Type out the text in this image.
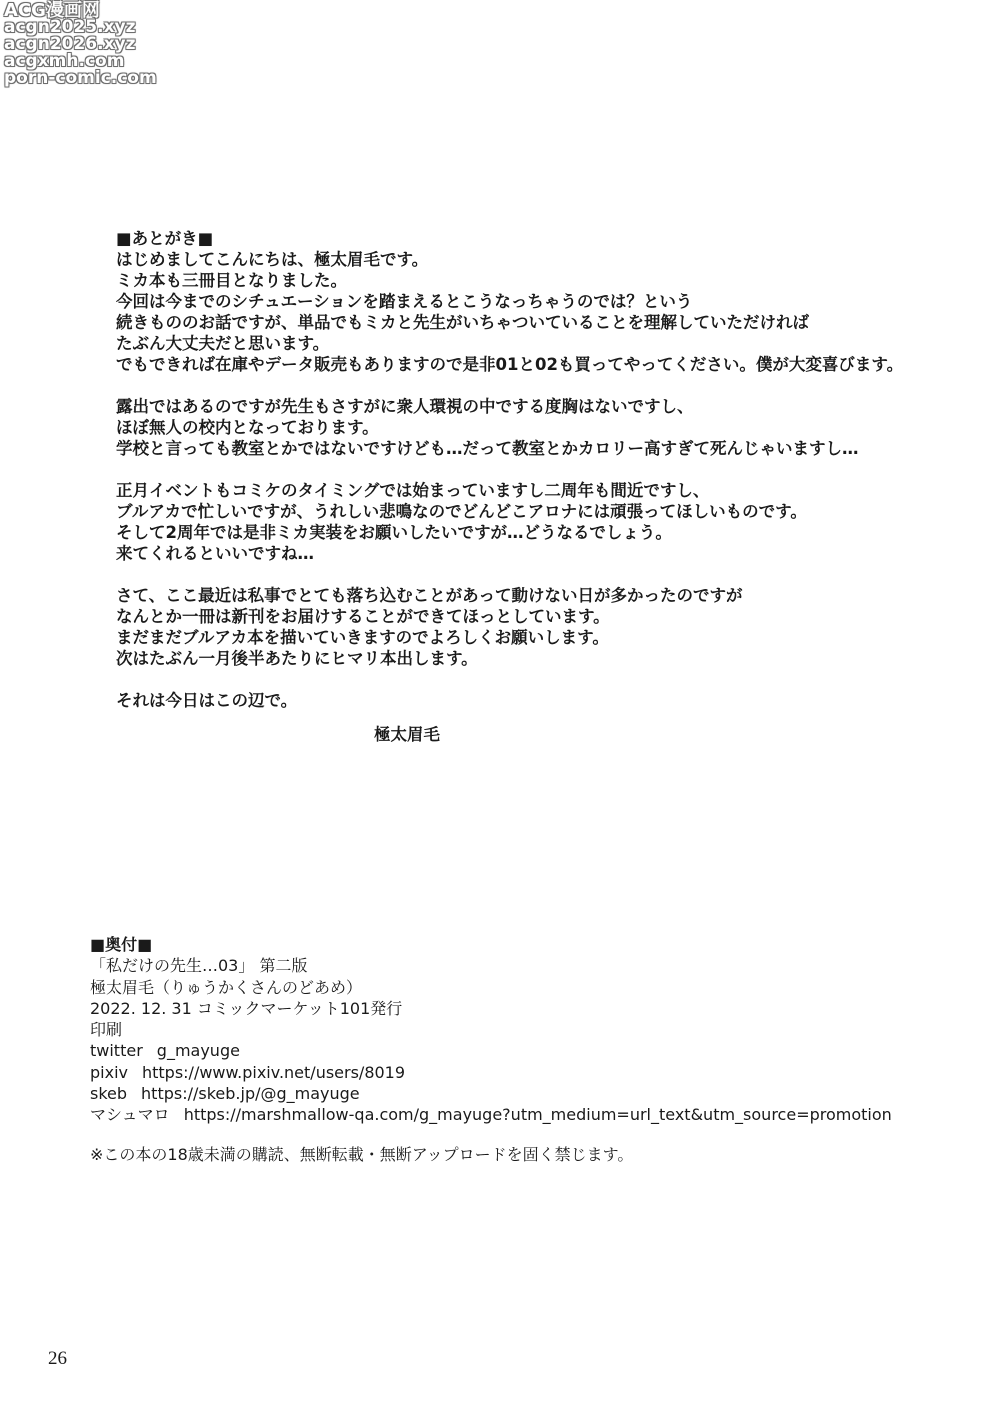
ACG漫画网
acgn2025.xyz
acgn2026.xyz
acgxmh.com
porn-comic.com

■あとがき■

はじめましてこんにちは、極太眉毛です。

ミカ本も三冊目となりました。

今回は今までのシチュエーションを踏まえるとこうなっちゃうのでは？という

続きもののお話ですが、単品でもミカと先生がいちゃついていることを理解していただければ

たぶん大丈夫だと思います。

でもできれば在庫やデータ販売もありますので是非01と02も買ってやってください。僕が大変喜びます。

露出ではあるのですが先生もさすがに衆人環視の中でする度胸はないですし、

ほぼ無人の校内となっております。

学校と言っても教室とかではないですけども…だって教室とかカロリー高すぎて死んじゃいますし…

正月イベントもコミケのタイミングでは始まっていますし二周年も間近ですし、

ブルアカで忙しいですが、うれしい悲鳴なのでどんどこアロナには頑張ってほしいものです。

そして2周年では是非ミカ実装をお願いしたいですが…どうなるでしょう。

来てくれるといいですね…

さて、ここ最近は私事でとても落ち込むことがあって動けない日が多かったのですが

なんとか一冊は新刊をお届けすることができてほっとしています。

まだまだブルアカ本を描いていきますのでよろしくお願いします。

次はたぶん一月後半あたりにヒマリ本出します。

それは今日はこの辺で。

極太眉毛

■奥付■

「私だけの先生…03」 第二版

極太眉毛（りゅうかくさんのどあめ）

2022. 12. 31 コミックマーケット101発行

印刷

twitter g_mayuge

pixiv https://www.pixiv.net/users/8019

skeb https://skeb.jp/@g_mayuge

マシュマロ https://marshmallow-qa.com/g_mayuge?utm_medium=url_text&utm_source=promotion

※この本の18歳未満の購読、無断転載・無断アップロードを固く禁じます。

26
